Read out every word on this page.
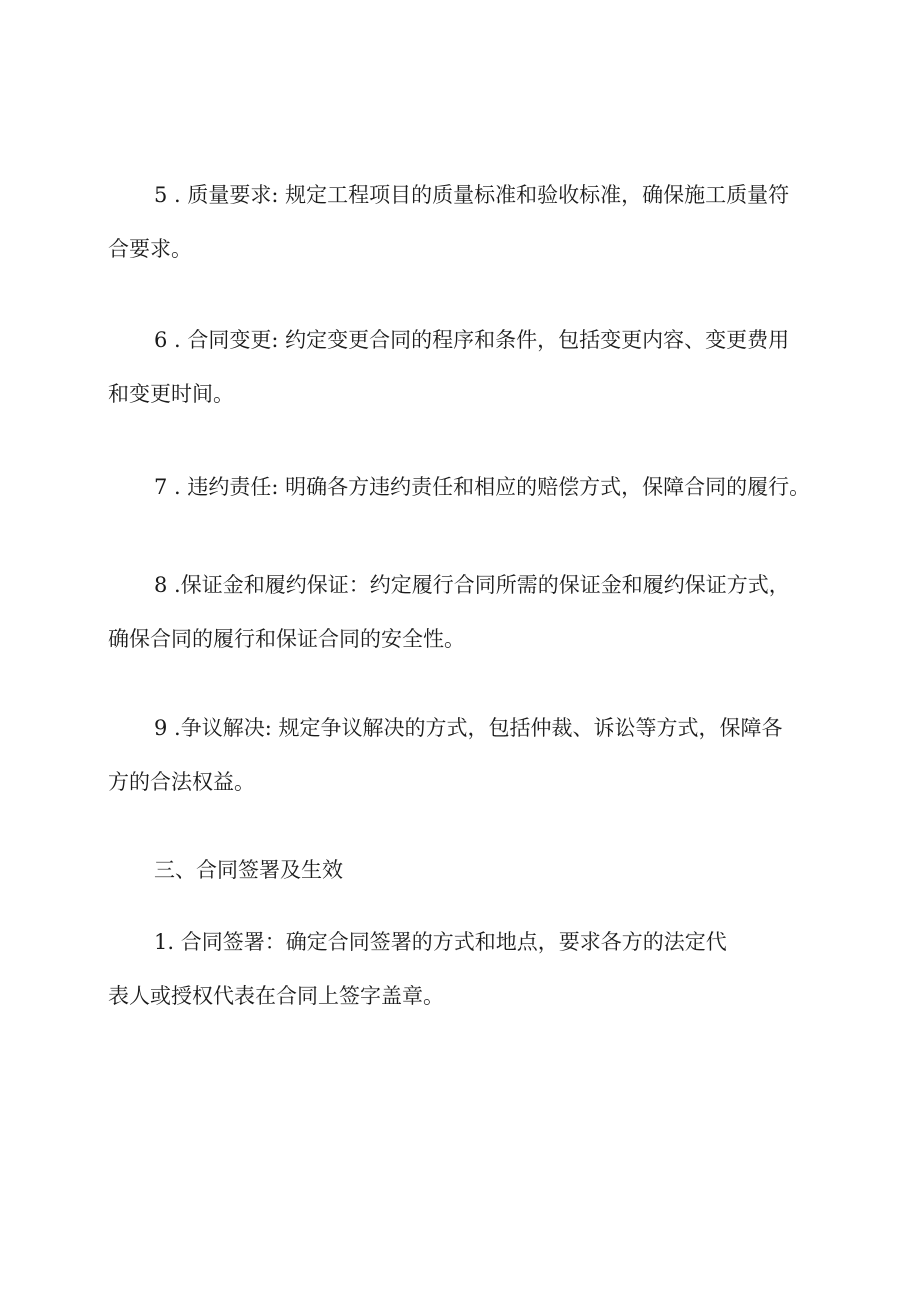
5 . 质量要求: 规定工程项目的质量标准和验收标准，确保施工质量符
合要求。

6 . 合同变更: 约定变更合同的程序和条件，包括变更内容、变更费用
和变更时间。

7 . 违约责任: 明确各方违约责任和相应的赔偿方式，保障合同的履行。

8 .保证金和履约保证：约定履行合同所需的保证金和履约保证方式，
确保合同的履行和保证合同的安全性。

9 .争议解决: 规定争议解决的方式，包括仲裁、诉讼等方式，保障各
方的合法权益。

三、合同签署及生效

1. 合同签署：确定合同签署的方式和地点，要求各方的法定代
表人或授权代表在合同上签字盖章。
